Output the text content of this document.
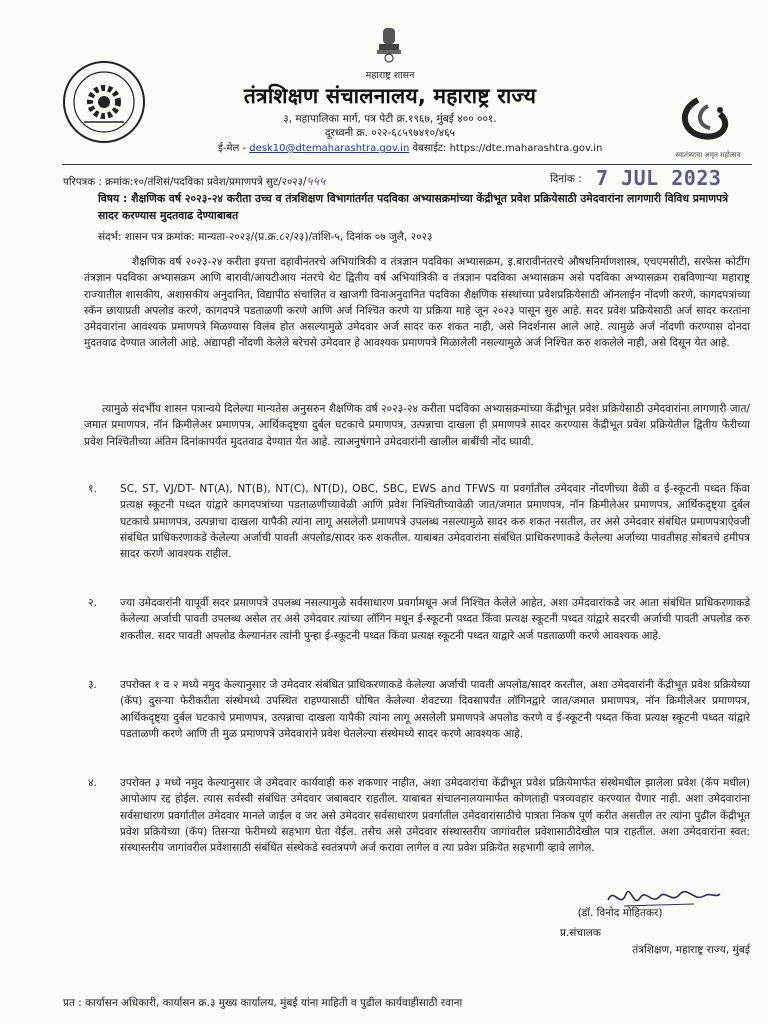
महाराष्ट्र शासन
तंत्रशिक्षण संचालनालय, महाराष्ट्र राज्य
३, महापालिका मार्ग, पत्र पेटी क्र.१९६७, मुंबई ४०० ००१.
दूरध्वनी क्र. ०२२-६८५९७४१०/४६५
ई-मेल - desk10@dtemaharashtra.gov.in वेबसाईट: https://dte.maharashtra.gov.in
स्वातंत्र्याचा अमृत महोत्सव
परिपत्रक : क्रमांक:१०/तंशिसं/पदविका प्रवेश/प्रमाणपत्रे सुट/२०२३/५५५	दिनांक : 7 JUL 2023
विषय : शैक्षणिक वर्ष २०२३-२४ करीता उच्च व तंत्रशिक्षण विभागांतर्गत पदविका अभ्यासक्रमांच्या केंद्रीभूत प्रवेश प्रक्रियेसाठी उमेदवारांना लागणारी विविध प्रमाणपत्रे सादर करण्यास मुदतवाढ देण्याबाबत
संदर्भ: शासन पत्र क्रमांक: मान्यता-२०२३/(प्र.क्र.८२/२३)/तांशि-५, दिनांक ०७ जुलै, २०२३
शैक्षणिक वर्ष २०२३-२४ करीता इयत्ता दहावीनंतरचे अभियांत्रिकी व तंत्रज्ञान पदविका अभ्यासक्रम, इ.बारावीनंतरचे औषधनिर्माणशास्त्र, एचएमसीटी, सरफेस कोटींग तंत्रज्ञान पदविका अभ्यासक्रम आणि बारावी/आयटीआय नंतरचे थेट द्वितीय वर्ष अभियांत्रिकी व तंत्रज्ञान पदविका अभ्यासक्रम असे पदविका अभ्यासक्रम राबविणाऱ्या महाराष्ट्र राज्यातील शासकीय, अशासकीय अनुदानित, विद्यापीठ संचालित व खाजगी विनाअनुदानित पदविका शैक्षणिक संस्थांच्या प्रवेशप्रक्रियेसाठी ऑनलाईन नोंदणी करणे, कागदपत्रांच्या स्कॅन छायाप्रती अपलोड करणे, कागदपत्रे पडताळणी करणे आणि अर्ज निश्चित करणे या प्रक्रिया माहे जून २०२३ पासून सुरु आहे. सदर प्रवेश प्रक्रियेसाठी अर्ज सादर करतांना उमेदवारांना आवश्यक प्रमाणपत्रे मिळण्यास विलंब होत असल्यामुळे उमेदवार अर्ज सादर करु शकत नाही, असे निदर्शनास आले आहे. त्यामुळे अर्ज नोंदणी करण्यास दोनदा मुदतवाढ देण्यात आलेली आहे. अद्यापही नोंदणी केलेले बरेचसे उमेदवार हे आवश्यक प्रमाणपत्रे मिळालेली नसल्यामुळे अर्ज निश्चित करु शकलेले नाही, असे दिसून येत आहे.
त्यामुळे संदर्भीय शासन पत्रान्वये दिलेल्या मान्यतेस अनुसरुन शैक्षणिक वर्ष २०२३-२४ करीता पदविका अभ्यासक्रमांच्या केंद्रीभूत प्रवेश प्रक्रियेसाठी उमेदवारांना लागणारी जात/ जमात प्रमाणपत्र, नॉन क्रिमीलेअर प्रमाणपत्र, आर्थिकदृष्ट्या दुर्बल घटकाचे प्रमाणपत्र, उत्पन्नाचा दाखला ही प्रमाणपत्रे सादर करण्यास केंद्रीभूत प्रवेश प्रक्रियेतील द्वितीय फेरीच्या प्रवेश निश्चितीच्या अंतिम दिनांकापर्यंत मुदतवाढ देण्यात येत आहे. त्याअनुषंगाने उमेदवारांनी खालील बाबींची नोंद घ्यावी.
१. SC, ST, VJ/DT- NT(A), NT(B), NT(C), NT(D), OBC, SBC, EWS and TFWS या प्रवर्गातील उमेदवार नोंदणीच्या वेळी व ई-स्कूटनी पध्दत किंवा प्रत्यक्ष स्कूटनी पध्दत यांद्वारे कागदपत्रांच्या पडताळणीच्यावेळी आणि प्रवेश निश्चितीच्यावेळी जात/जमात प्रमाणपत्र, नॉन क्रिमीलेअर प्रमाणपत्र, आर्थिकदृष्ट्या दुर्बल घटकाचे प्रमाणपत्र, उत्पन्नाचा दाखला यापैकी त्यांना लागू असलेली प्रमाणपत्रे उपलब्ध नसल्यामुळे सादर करु शकत नसतील, तर असे उमेदवार संबंधित प्रमाणपत्राऐवजी संबंधित प्राधिकरणाकडे केलेल्या अर्जाची पावती अपलोड/सादर करु शकतील. याबाबत उमेदवारांना संबंधित प्राधिकरणाकडे केलेल्या अर्जाच्या पावतीसह सोबतचे हमीपत्र सादर करणे आवश्यक राहील.
२. ज्या उमेदवारांनी यापूर्वी सदर प्रमाणपत्रे उपलब्ध नसल्यामुळे सर्वसाधारण प्रवर्गामधून अर्ज निश्चित केलेले आहेत, अशा उमेदवारांकडे जर आता संबंधित प्राधिकरणाकडे केलेल्या अर्जाची पावती उपलब्ध असेल तर असे उमेदवार त्यांच्या लॉगिन मधून ई-स्कूटनी पध्दत किंवा प्रत्यक्ष स्कूटनी पध्दत यांद्वारे सदरची अर्जाची पावती अपलोड करु शकतील. सदर पावती अपलोड केल्यानंतर त्यांनी पुन्हा ई-स्कूटनी पध्दत किंवा प्रत्यक्ष स्कूटनी पध्दत याद्वारे अर्ज पडताळणी करणे आवश्यक आहे.
३. उपरोक्त १ व २ मध्ये नमुद केल्यानुसार जे उमेदवार संबंधित प्राधिकरणाकडे केलेल्या अर्जाची पावती अपलोड/सादर करतील, अशा उमेदवारांनी केंद्रीभूत प्रवेश प्रक्रियेच्या (कॅप) दुसऱ्या फेरीकरीता संस्थेमध्ये उपस्थित राहण्यासाठी घोषित केलेल्या शेवटच्या दिवसापर्यंत लॉगिनद्वारे जात/जमात प्रमाणपत्र, नॉन क्रिमीलेअर प्रमाणपत्र, आर्थिकदृष्ट्या दुर्बल घटकाचे प्रमाणपत्र, उत्पन्नाचा दाखला यापैकी त्यांना लागू असलेली प्रमाणपत्रे अपलोड करणे व ई-स्कूटनी पध्दत किंवा प्रत्यक्ष स्कूटनी पध्दत यांद्वारे पडताळणी करणे आणि ती मुळ प्रमाणपत्रे उमेदवारांने प्रवेश घेतलेल्या संस्थेमध्ये सादर करणे आवश्यक आहे.
४. उपरोक्त ३ मध्ये नमुद केल्यानुसार जे उमेदवार कार्यवाही करु शकणार नाहीत, अशा उमेदवारांचा केंद्रीभूत प्रवेश प्रक्रियेमार्फत संस्थेमधील झालेला प्रवेश (कॅप मधील) आपोआप रद्द होईल. त्यास सर्वस्वी संबंधित उमेदवार जबाबदार राहतील. याबाबत संचालनालयामार्फत कोणताही पत्रव्यवहार करण्यात येणार नाही. अशा उमेदवारांना सर्वसाधारण प्रवर्गातील उमेदवार मानले जाईल व जर असे उमेदवार सर्वसाधारण प्रवर्गातील उमेदवारांसाठीचे पात्रता निकष पूर्ण करीत असतील तर त्यांना पुढील केंद्रीभूत प्रवेश प्रक्रियेच्या (कॅप) तिसऱ्या फेरीमध्ये सहभाग घेता येईल. तसेच असे उमेदवार संस्थास्तरीय जागांवरील प्रवेशासाठीदेखील पात्र राहतील. अशा उमेदवारांना स्वत: संस्थास्तरीय जागांवरील प्रवेशासाठी संबंधित संस्थेकडे स्वतंत्रपणे अर्ज करावा लागेल व त्या प्रवेश प्रक्रियेत सहभागी व्हावे लागेल.
(डॉ. विनोद मोहितकर)
प्र.संचालक
तंत्रशिक्षण, महाराष्ट्र राज्य, मुंबई
प्रत : कार्यासन अधिकारी, कार्यासन क्र.३ मुख्य कार्यालय, मुंबई यांना माहिती व पुढील कार्यवाहीसाठी रवाना
